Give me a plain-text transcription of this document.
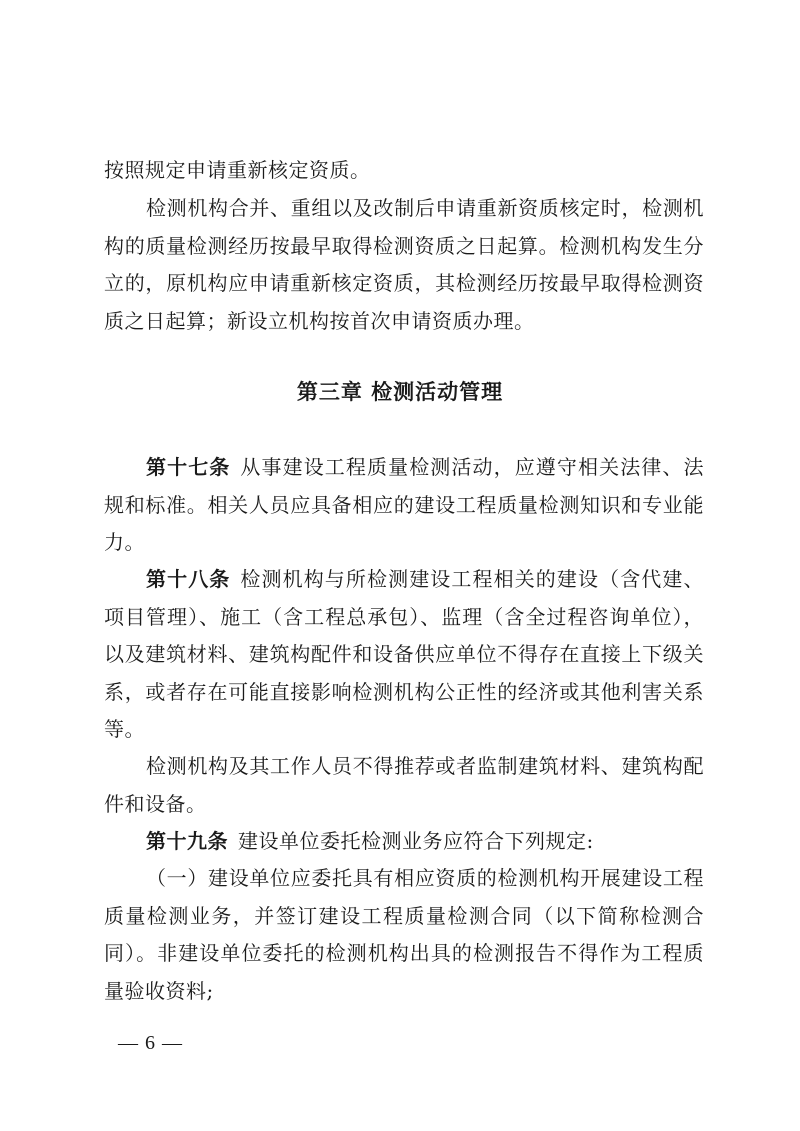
按照规定申请重新核定资质。

检测机构合并、重组以及改制后申请重新资质核定时，检测机构的质量检测经历按最早取得检测资质之日起算。检测机构发生分立的，原机构应申请重新核定资质，其检测经历按最早取得检测资质之日起算；新设立机构按首次申请资质办理。

第三章 检测活动管理

第十七条 从事建设工程质量检测活动，应遵守相关法律、法规和标准。相关人员应具备相应的建设工程质量检测知识和专业能力。

第十八条 检测机构与所检测建设工程相关的建设（含代建、项目管理）、施工（含工程总承包）、监理（含全过程咨询单位），以及建筑材料、建筑构配件和设备供应单位不得存在直接上下级关系，或者存在可能直接影响检测机构公正性的经济或其他利害关系等。

检测机构及其工作人员不得推荐或者监制建筑材料、建筑构配件和设备。

第十九条 建设单位委托检测业务应符合下列规定:

（一）建设单位应委托具有相应资质的检测机构开展建设工程质量检测业务，并签订建设工程质量检测合同（以下简称检测合同）。非建设单位委托的检测机构出具的检测报告不得作为工程质量验收资料;

— 6 —
